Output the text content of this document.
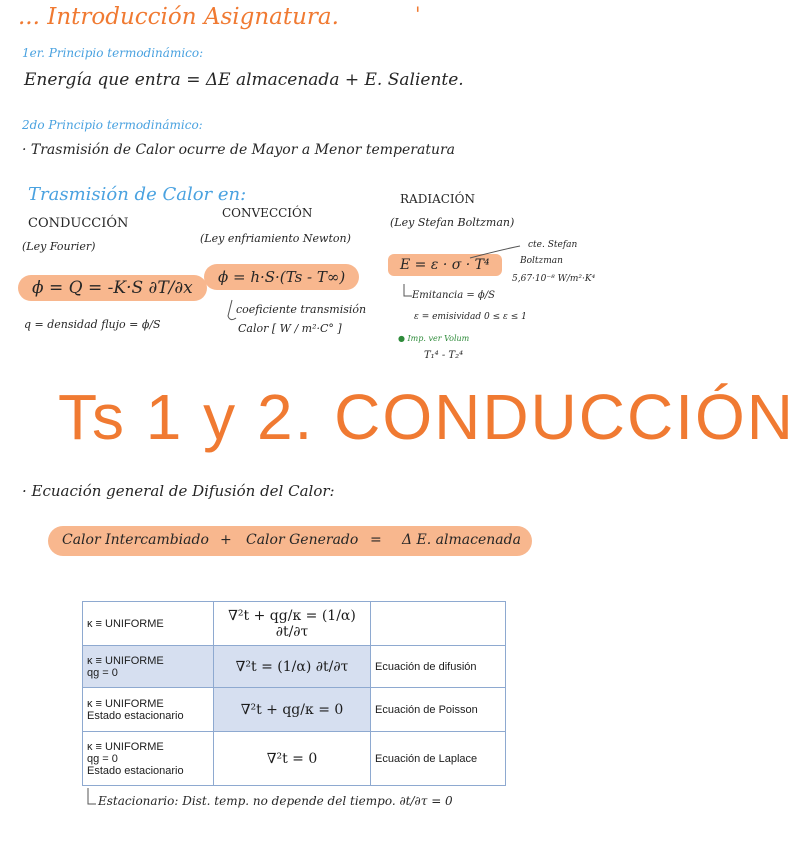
... Introducción Asignatura.	'
1er. Principio termodinámico:
Energía que entra = ΔE almacenada + E. Saliente.
2do Principio termodinámico:
· Trasmisión de Calor ocurre de Mayor a Menor temperatura
Trasmisión de Calor en:
CONDUCCIÓN
(Ley Fourier)
ϕ = Q = -K·S ∂T/∂x
q = densidad flujo = ϕ/S
CONVECCIÓN
(Ley enfriamiento Newton)
ϕ = h·S·(Ts - T∞)
coeficiente transmisión
Calor [ W / m²·C° ]
RADIACIÓN
(Ley Stefan Boltzman)
E = ε · σ · T⁴
cte. Stefan
Boltzman
5,67·10⁻⁸ W/m²·K⁴
Emitancia = ϕ/S
ε = emisividad 0 ≤ ε ≤ 1
● Imp. ver Volum
T₁⁴ - T₂⁴
Ts 1 y 2. CONDUCCIÓN
· Ecuación general de Difusión del Calor:
Calor Intercambiado + Calor Generado = Δ E. almacenada
κ ≡ UNIFORME	∇²t + qg/κ = (1/α) ∂t/∂τ	

κ ≡ UNIFORME
qg = 0	∇²t = (1/α) ∂t/∂τ	Ecuación de difusión

κ ≡ UNIFORME
Estado estacionario	∇²t + qg/κ = 0	Ecuación de Poisson

κ ≡ UNIFORME
qg = 0
Estado estacionario	∇²t = 0	Ecuación de Laplace
Estacionario: Dist. temp. no depende del tiempo. ∂t/∂τ = 0
